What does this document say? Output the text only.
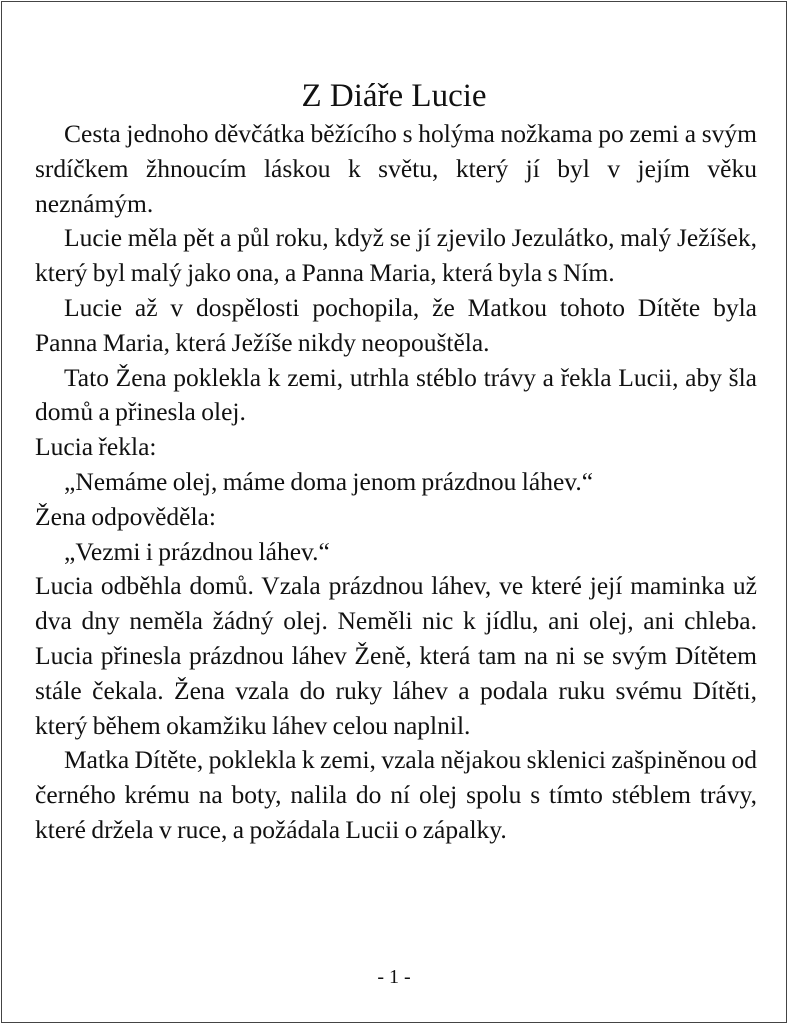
Z Diáře Lucie

Cesta jednoho děvčátka běžícího s holýma nožkama po zemi a svým srdíčkem žhnoucím láskou k světu, který jí byl v jejím věku neznámým.

Lucie měla pět a půl roku, když se jí zjevilo Jezulátko, malý Ježíšek, který byl malý jako ona, a Panna Maria, která byla s Ním.

Lucie až v dospělosti pochopila, že Matkou tohoto Dítěte byla Panna Maria, která Ježíše nikdy neopouštěla.

Tato Žena poklekla k zemi, utrhla stéblo trávy a řekla Lucii, aby šla domů a přinesla olej.

Lucia řekla:

„Nemáme olej, máme doma jenom prázdnou láhev.“

Žena odpověděla:

„Vezmi i prázdnou láhev.“

Lucia odběhla domů. Vzala prázdnou láhev, ve které její maminka už dva dny neměla žádný olej. Neměli nic k jídlu, ani olej, ani chleba. Lucia přinesla prázdnou láhev Ženě, která tam na ni se svým Dítětem stále čekala. Žena vzala do ruky láhev a podala ruku svému Dítěti, který během okamžiku láhev celou naplnil.

Matka Dítěte, poklekla k zemi, vzala nějakou sklenici zašpiněnou od černého krému na boty, nalila do ní olej spolu s tímto stéblem trávy, které držela v ruce, a požádala Lucii o zápalky.

- 1 -
